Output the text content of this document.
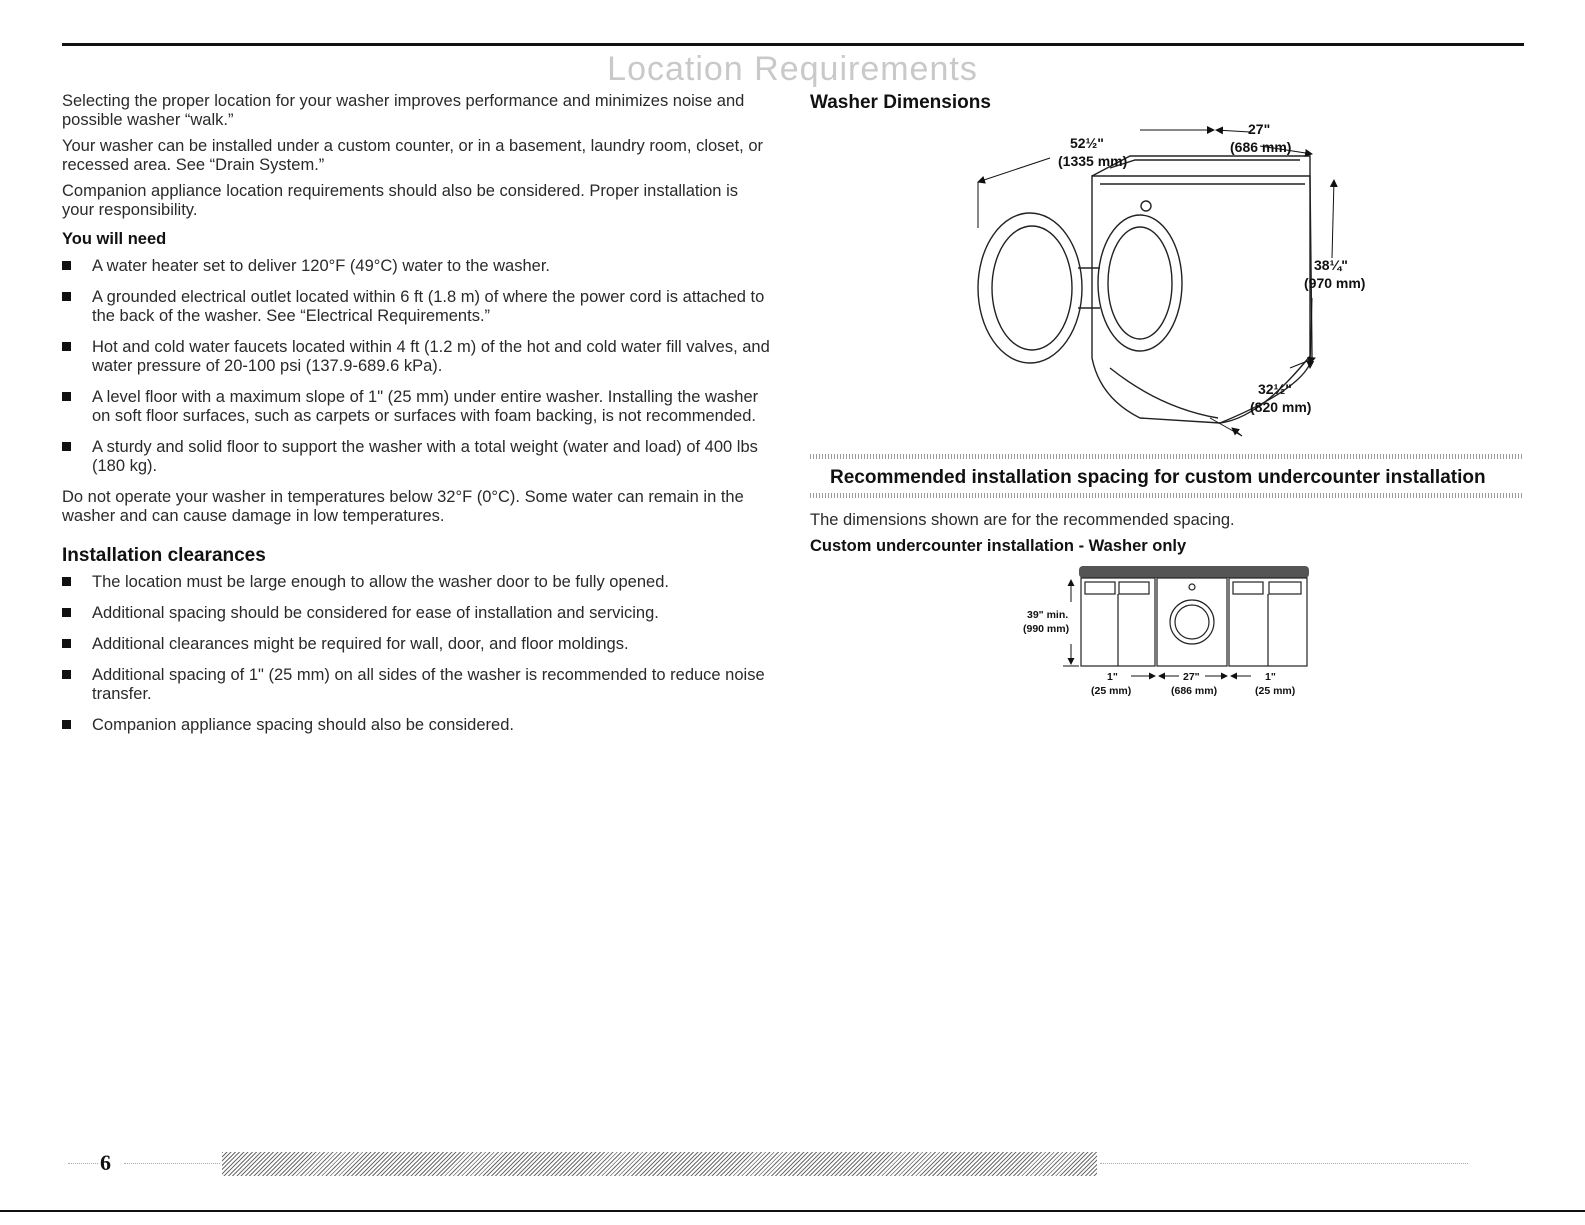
Location Requirements

Selecting the proper location for your washer improves performance and minimizes noise and possible washer “walk.”

Your washer can be installed under a custom counter, or in a basement, laundry room, closet, or recessed area. See “Drain System.”

Companion appliance location requirements should also be considered. Proper installation is your responsibility.

You will need
A water heater set to deliver 120°F (49°C) water to the washer.
A grounded electrical outlet located within 6 ft (1.8 m) of where the power cord is attached to the back of the washer. See “Electrical Requirements.”
Hot and cold water faucets located within 4 ft (1.2 m) of the hot and cold water fill valves, and water pressure of 20-100 psi (137.9-689.6 kPa).
A level floor with a maximum slope of 1" (25 mm) under entire washer. Installing the washer on soft floor surfaces, such as carpets or surfaces with foam backing, is not recommended.
A sturdy and solid floor to support the washer with a total weight (water and load) of 400 lbs (180 kg).

Do not operate your washer in temperatures below 32°F (0°C). Some water can remain in the washer and can cause damage in low temperatures.

Installation clearances
The location must be large enough to allow the washer door to be fully opened.
Additional spacing should be considered for ease of installation and servicing.
Additional clearances might be required for wall, door, and floor moldings.
Additional spacing of 1" (25 mm) on all sides of the washer is recommended to reduce noise transfer.
Companion appliance spacing should also be considered.
Washer Dimensions
52½"
(1335 mm)
27"
(686 mm)
38¼"
(970 mm)
32½"
(820 mm)
Recommended installation spacing for custom undercounter installation
The dimensions shown are for the recommended spacing.
Custom undercounter installation - Washer only
39" min.
(990 mm)
1"
(25 mm)
27"
(686 mm)
1"
(25 mm)
6
